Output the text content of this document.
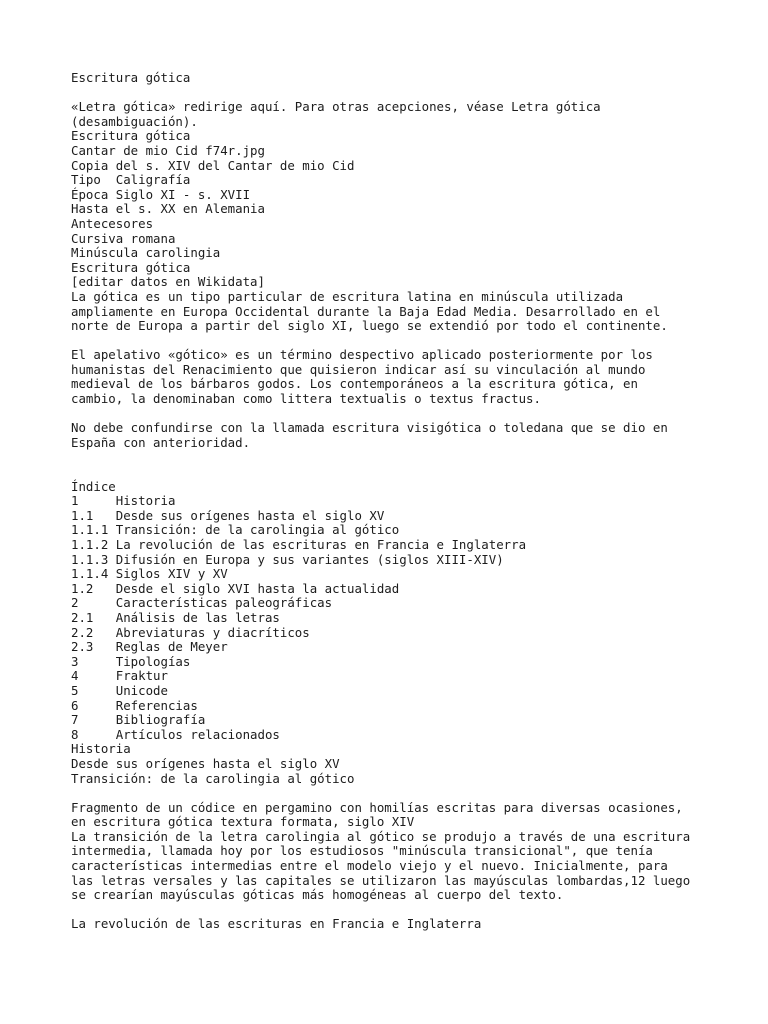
Escritura gótica
«Letra gótica» redirige aquí. Para otras acepciones, véase Letra gótica
(desambiguación).
Escritura gótica
Cantar de mio Cid f74r.jpg
Copia del s. XIV del Cantar de mio Cid
Tipo  Caligrafía
Época Siglo XI - s. XVII
Hasta el s. XX en Alemania
Antecesores
Cursiva romana
Minúscula carolingia
Escritura gótica
[editar datos en Wikidata]
La gótica es un tipo particular de escritura latina en minúscula utilizada
ampliamente en Europa Occidental durante la Baja Edad Media. Desarrollado en el
norte de Europa a partir del siglo XI, luego se extendió por todo el continente.
El apelativo «gótico» es un término despectivo aplicado posteriormente por los
humanistas del Renacimiento que quisieron indicar así su vinculación al mundo
medieval de los bárbaros godos. Los contemporáneos a la escritura gótica, en
cambio, la denominaban como littera textualis o textus fractus.
No debe confundirse con la llamada escritura visigótica o toledana que se dio en
España con anterioridad.
Índice
1     Historia
1.1   Desde sus orígenes hasta el siglo XV
1.1.1 Transición: de la carolingia al gótico
1.1.2 La revolución de las escrituras en Francia e Inglaterra
1.1.3 Difusión en Europa y sus variantes (siglos XIII-XIV)
1.1.4 Siglos XIV y XV
1.2   Desde el siglo XVI hasta la actualidad
2     Características paleográficas
2.1   Análisis de las letras
2.2   Abreviaturas y diacríticos
2.3   Reglas de Meyer
3     Tipologías
4     Fraktur
5     Unicode
6     Referencias
7     Bibliografía
8     Artículos relacionados
Historia
Desde sus orígenes hasta el siglo XV
Transición: de la carolingia al gótico
Fragmento de un códice en pergamino con homilías escritas para diversas ocasiones,
en escritura gótica textura formata, siglo XIV
La transición de la letra carolingia al gótico se produjo a través de una escritura
intermedia, llamada hoy por los estudiosos "minúscula transicional", que tenía
características intermedias entre el modelo viejo y el nuevo. Inicialmente, para
las letras versales y las capitales se utilizaron las mayúsculas lombardas,12 luego
se crearían mayúsculas góticas más homogéneas al cuerpo del texto.
La revolución de las escrituras en Francia e Inglaterra
